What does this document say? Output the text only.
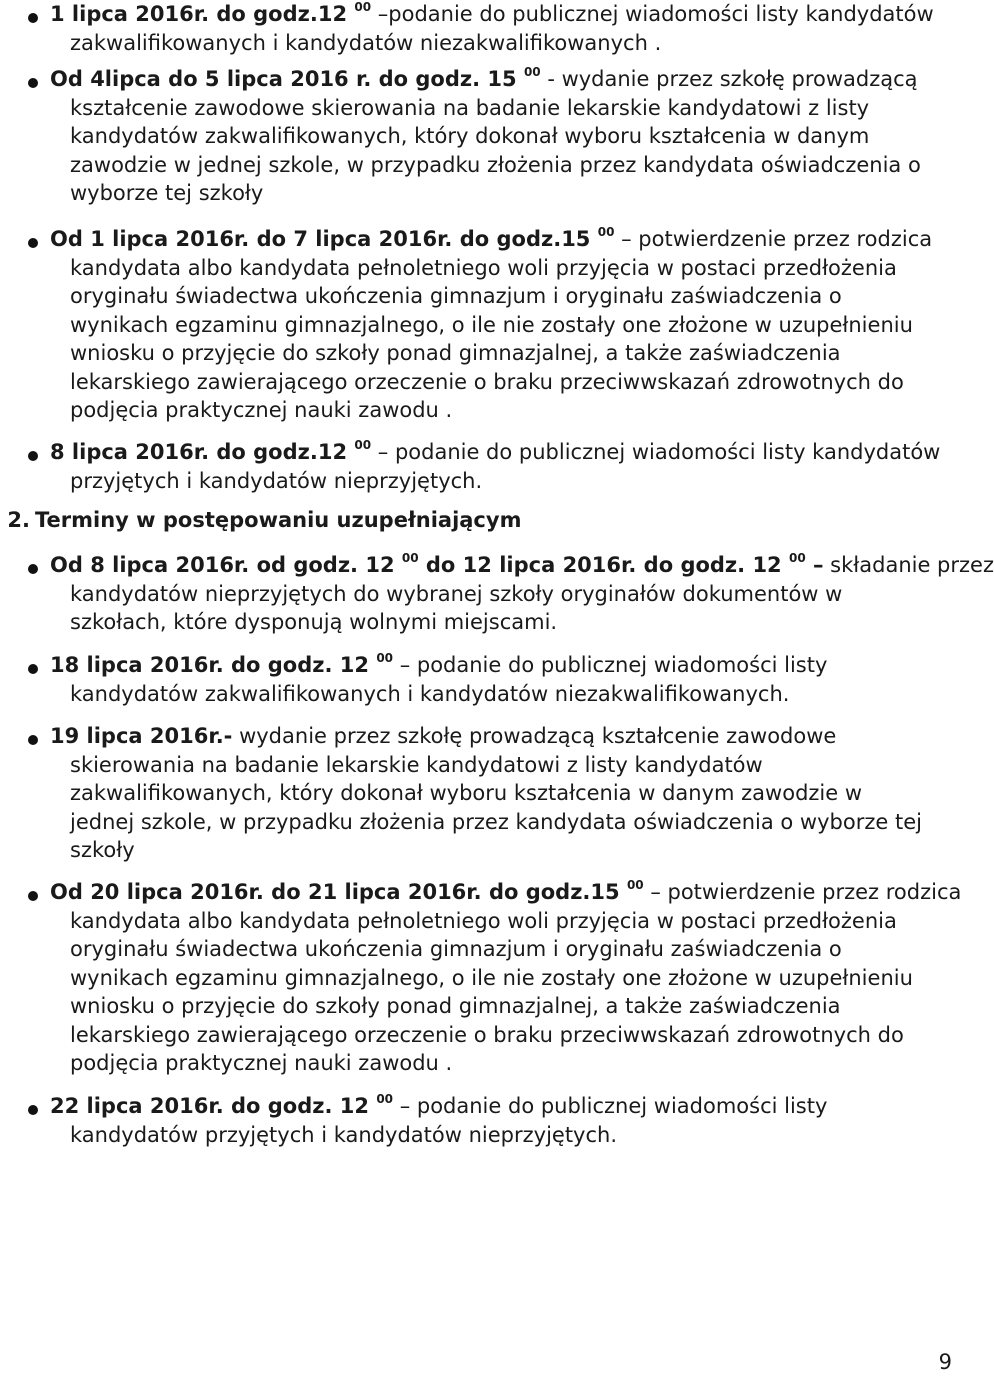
2. Terminy w postępowaniu uzupełniającym
1 lipca 2016r. do godz.12 $^{00}$ –podanie do publicznej wiadomości listy kandydatów
zakwalifikowanych i kandydatów niezakwalifikowanych .
Od 4lipca do 5 lipca 2016 r. do godz. 15 $^{00}$ - wydanie przez szkołę prowadzącą
kształcenie zawodowe skierowania na badanie lekarskie kandydatowi z listy
kandydatów zakwalifikowanych, który dokonał wyboru kształcenia w danym
zawodzie w jednej szkole, w przypadku złożenia przez kandydata oświadczenia o
wyborze tej szkoły
Od 1 lipca 2016r. do 7 lipca 2016r. do godz.15 $^{00}$ – potwierdzenie przez rodzica
kandydata albo kandydata pełnoletniego woli przyjęcia w postaci przedłożenia
oryginału świadectwa ukończenia gimnazjum i oryginału zaświadczenia o
wynikach egzaminu gimnazjalnego, o ile nie zostały one złożone w uzupełnieniu
wniosku o przyjęcie do szkoły ponad gimnazjalnej, a także zaświadczenia
lekarskiego zawierającego orzeczenie o braku przeciwwskazań zdrowotnych do
podjęcia praktycznej nauki zawodu .
8 lipca 2016r. do godz.12 $^{00}$ – podanie do publicznej wiadomości listy kandydatów
przyjętych i kandydatów nieprzyjętych.
Od 8 lipca 2016r. od godz. 12 $^{00}$ do 12 lipca 2016r. do godz. 12 $^{00}$ – składanie przez
kandydatów nieprzyjętych do wybranej szkoły oryginałów dokumentów w
szkołach, które dysponują wolnymi miejscami.
18 lipca 2016r. do godz. 12 $^{00}$ – podanie do publicznej wiadomości listy
kandydatów zakwalifikowanych i kandydatów niezakwalifikowanych.
19 lipca 2016r.- wydanie przez szkołę prowadzącą kształcenie zawodowe
skierowania na badanie lekarskie kandydatowi z listy kandydatów
zakwalifikowanych, który dokonał wyboru kształcenia w danym zawodzie w
jednej szkole, w przypadku złożenia przez kandydata oświadczenia o wyborze tej
szkoły
Od 20 lipca 2016r. do 21 lipca 2016r. do godz.15 $^{00}$ – potwierdzenie przez rodzica
kandydata albo kandydata pełnoletniego woli przyjęcia w postaci przedłożenia
oryginału świadectwa ukończenia gimnazjum i oryginału zaświadczenia o
wynikach egzaminu gimnazjalnego, o ile nie zostały one złożone w uzupełnieniu
wniosku o przyjęcie do szkoły ponad gimnazjalnej, a także zaświadczenia
lekarskiego zawierającego orzeczenie o braku przeciwwskazań zdrowotnych do
podjęcia praktycznej nauki zawodu .
22 lipca 2016r. do godz. 12 $^{00}$ – podanie do publicznej wiadomości listy
kandydatów przyjętych i kandydatów nieprzyjętych.
9
